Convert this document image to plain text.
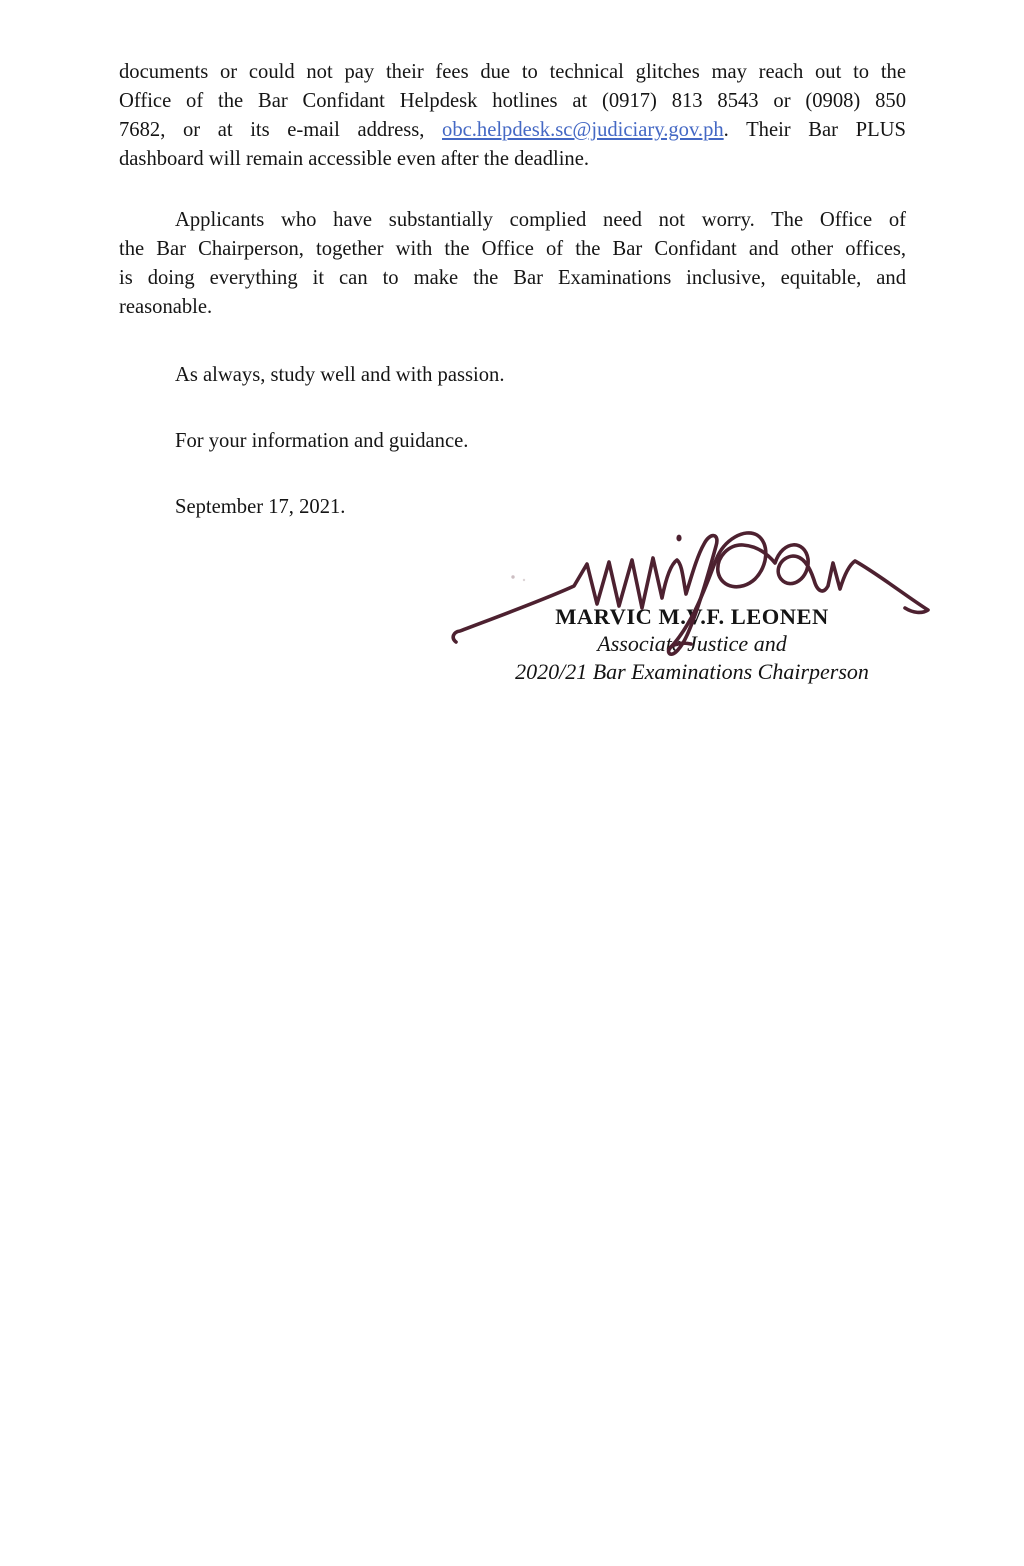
documents or could not pay their fees due to technical glitches may reach out to the
Office of the Bar Confidant Helpdesk hotlines at (0917) 813 8543 or (0908) 850
7682, or at its e-mail address, obc.helpdesk.sc@judiciary.gov.ph. Their Bar PLUS
dashboard will remain accessible even after the deadline.

Applicants who have substantially complied need not worry. The Office of
the Bar Chairperson, together with the Office of the Bar Confidant and other offices,
is doing everything it can to make the Bar Examinations inclusive, equitable, and
reasonable.

As always, study well and with passion.

For your information and guidance.

September 17, 2021.

MARVIC M.V.F. LEONEN
Associate Justice and
2020/21 Bar Examinations Chairperson
